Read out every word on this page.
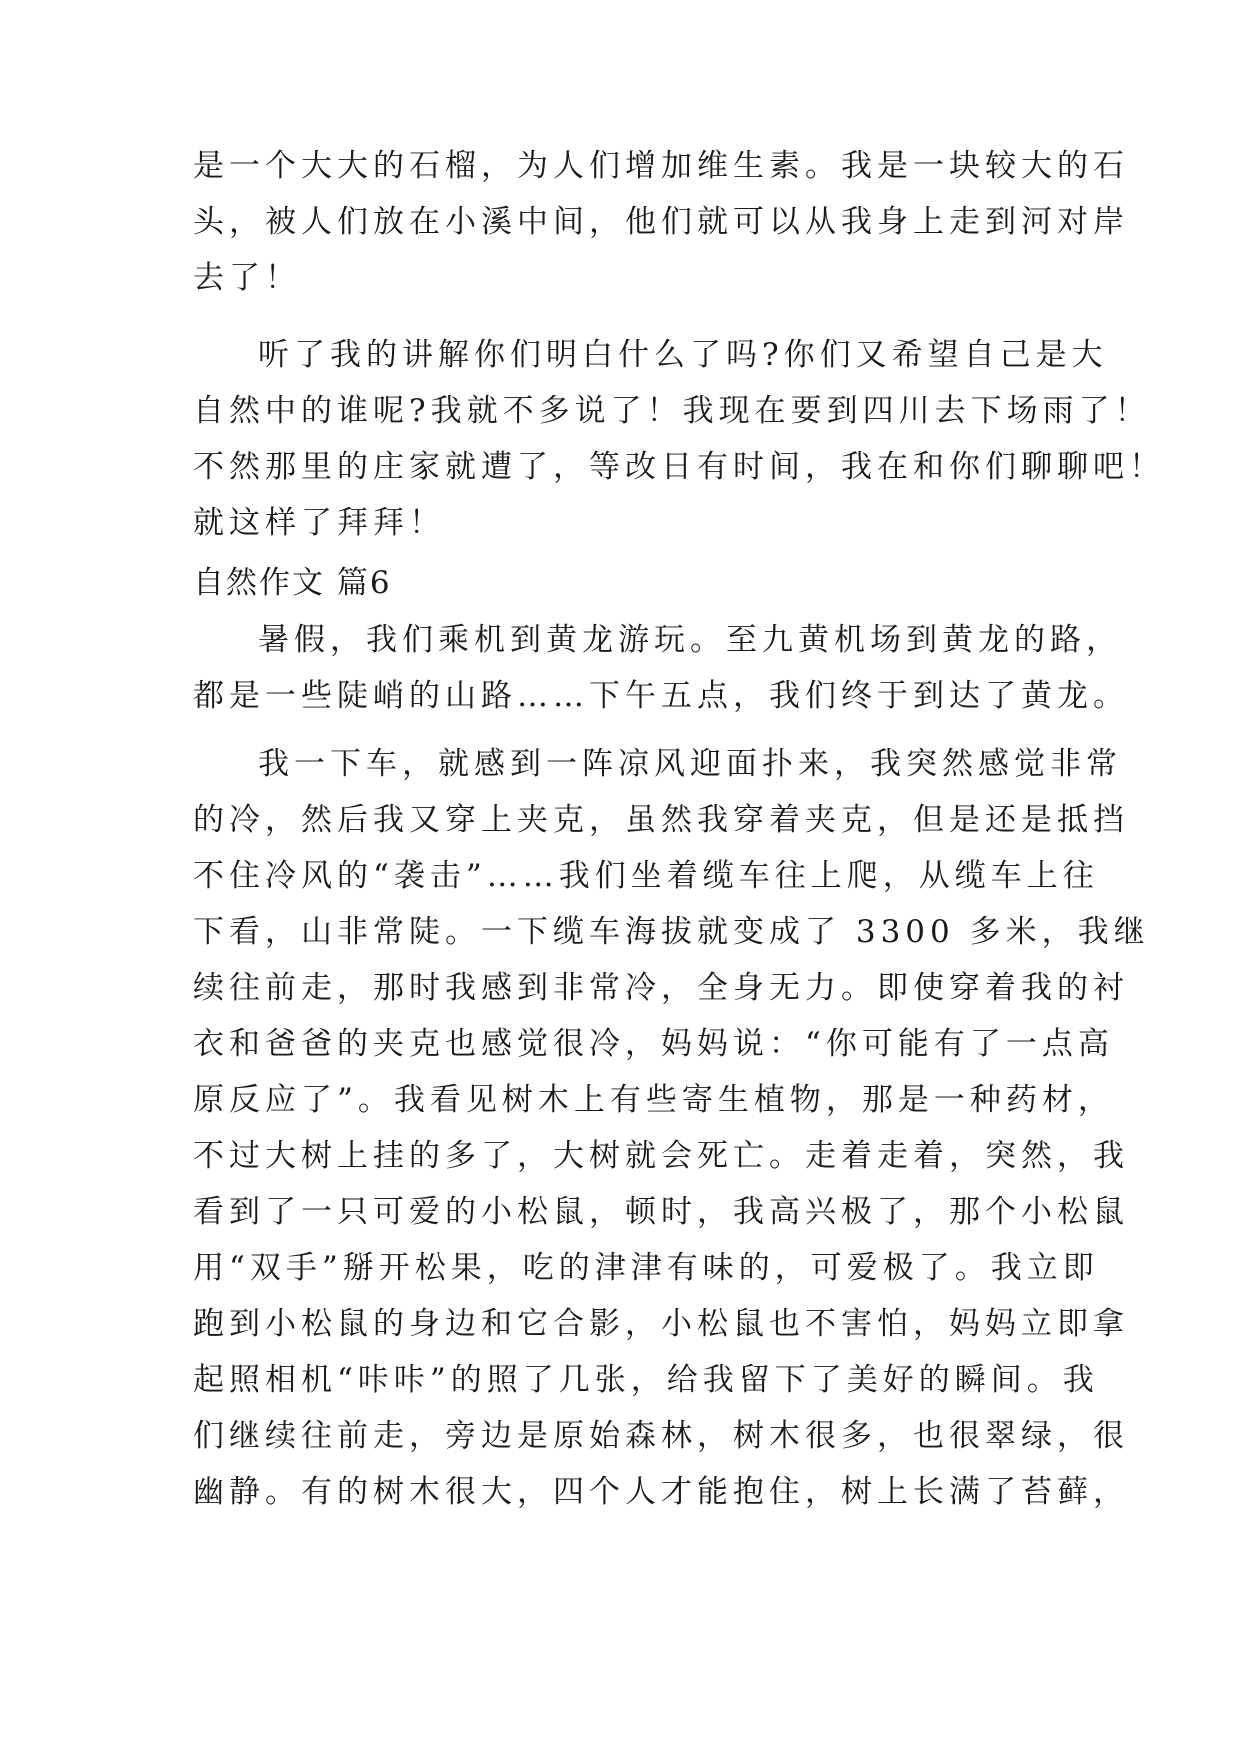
是一个大大的石榴，为人们增加维生素。我是一块较大的石
头，被人们放在小溪中间，他们就可以从我身上走到河对岸
去了！
听了我的讲解你们明白什么了吗?你们又希望自己是大
自然中的谁呢?我就不多说了！我现在要到四川去下场雨了！
不然那里的庄家就遭了，等改日有时间，我在和你们聊聊吧！
就这样了拜拜！
自然作文 篇6
暑假，我们乘机到黄龙游玩。至九黄机场到黄龙的路，
都是一些陡峭的山路……下午五点，我们终于到达了黄龙。
我一下车，就感到一阵凉风迎面扑来，我突然感觉非常
的冷，然后我又穿上夹克，虽然我穿着夹克，但是还是抵挡
不住冷风的“袭击”……我们坐着缆车往上爬，从缆车上往
下看，山非常陡。一下缆车海拔就变成了 3300 多米，我继
续往前走，那时我感到非常冷，全身无力。即使穿着我的衬
衣和爸爸的夹克也感觉很冷，妈妈说：“你可能有了一点高
原反应了”。我看见树木上有些寄生植物，那是一种药材，
不过大树上挂的多了，大树就会死亡。走着走着，突然，我
看到了一只可爱的小松鼠，顿时，我高兴极了，那个小松鼠
用“双手”掰开松果，吃的津津有味的，可爱极了。我立即
跑到小松鼠的身边和它合影，小松鼠也不害怕，妈妈立即拿
起照相机“咔咔”的照了几张，给我留下了美好的瞬间。我
们继续往前走，旁边是原始森林，树木很多，也很翠绿，很
幽静。有的树木很大，四个人才能抱住，树上长满了苔藓，
